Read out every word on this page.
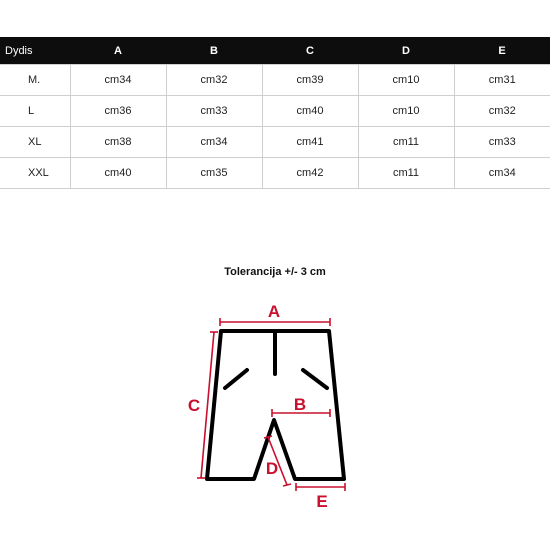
Dydis	A	B	C	D	E
M.	cm34	cm32	cm39	cm10	cm31
L	cm36	cm33	cm40	cm10	cm32
XL	cm38	cm34	cm41	cm11	cm33
XXL	cm40	cm35	cm42	cm11	cm34
Tolerancija +/- 3 cm
A
B
C
D
E
